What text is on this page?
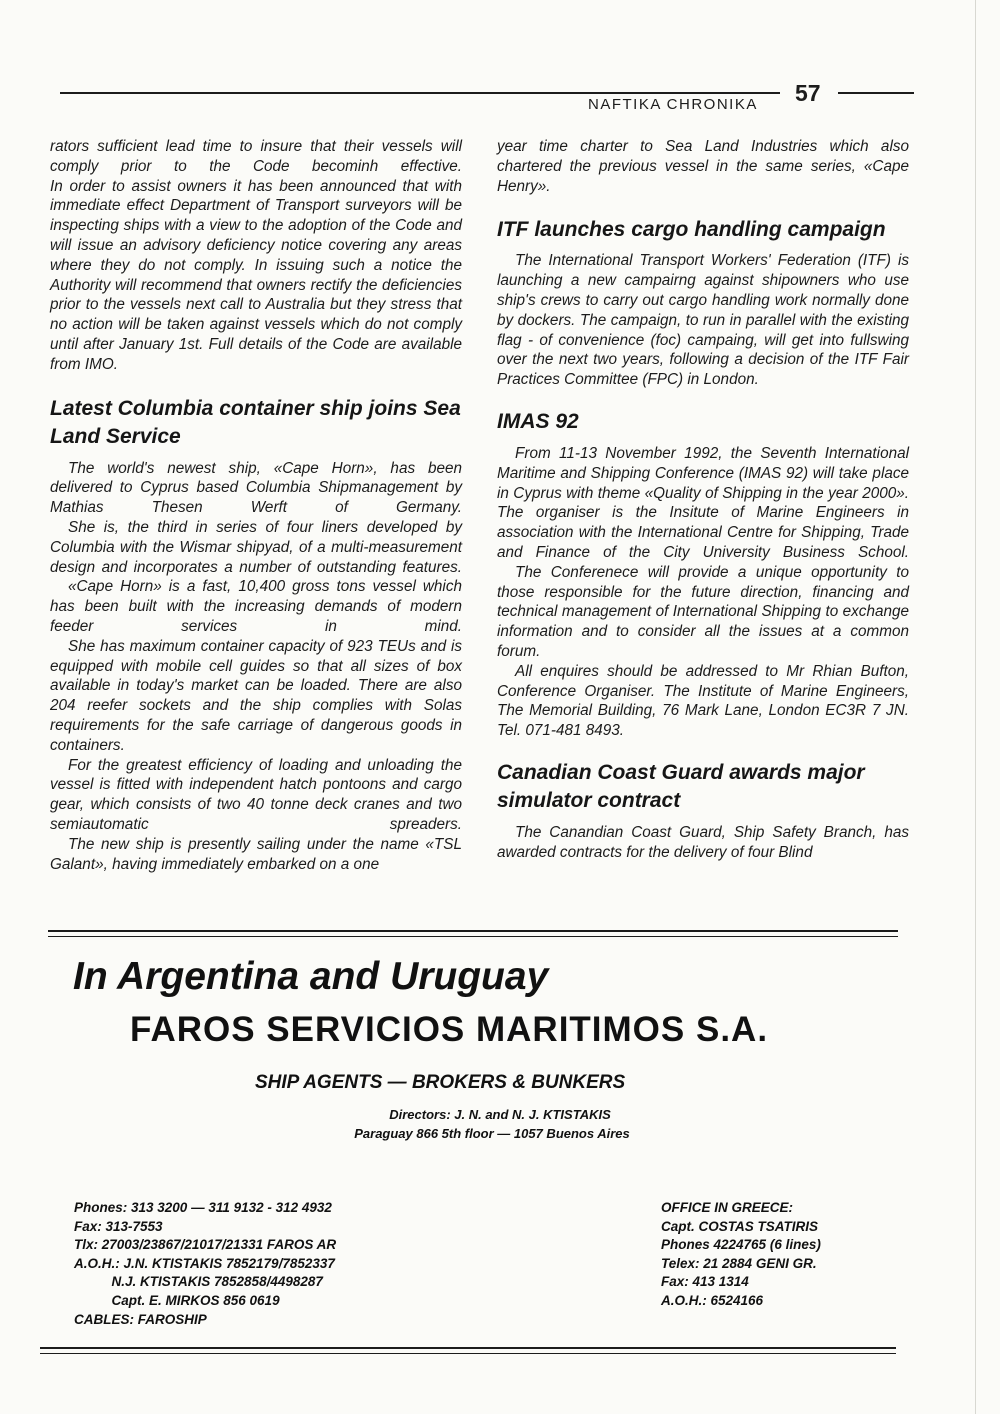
NAFTIKA CHRONIKA 57

rators sufficient lead time to insure that their vessels will comply prior to the Code becominh effective.

In order to assist owners it has been announced that with immediate effect Department of Transport surveyors will be inspecting ships with a view to the adoption of the Code and will issue an advisory deficiency notice covering any areas where they do not comply. In issuing such a notice the Authority will recommend that owners rectify the deficiencies prior to the vessels next call to Australia but they stress that no action will be taken against vessels which do not comply until after January 1st. Full details of the Code are available from IMO.

Latest Columbia container ship joins Sea Land Service

The world's newest ship, «Cape Horn», has been delivered to Cyprus based Columbia Shipmanagement by Mathias Thesen Werft of Germany.

She is, the third in series of four liners developed by Columbia with the Wismar shipyad, of a multi-measurement design and incorporates a number of outstanding features.

«Cape Horn» is a fast, 10,400 gross tons vessel which has been built with the increasing demands of modern feeder services in mind.

She has maximum container capacity of 923 TEUs and is equipped with mobile cell guides so that all sizes of box available in today's market can be loaded. There are also 204 reefer sockets and the ship complies with Solas requirements for the safe carriage of dangerous goods in containers.

For the greatest efficiency of loading and unloading the vessel is fitted with independent hatch pontoons and cargo gear, which consists of two 40 tonne deck cranes and two semiautomatic spreaders.

The new ship is presently sailing under the name «TSL Galant», having immediately embarked on a one

year time charter to Sea Land Industries which also chartered the previous vessel in the same series, «Cape Henry».

ITF launches cargo handling campaign

The International Transport Workers' Federation (ITF) is launching a new campairng against shipowners who use ship's crews to carry out cargo handling work normally done by dockers. The campaign, to run in parallel with the existing flag - of convenience (foc) campaing, will get into fullswing over the next two years, following a decision of the ITF Fair Practices Committee (FPC) in London.

IMAS 92

From 11-13 November 1992, the Seventh International Maritime and Shipping Conference (IMAS 92) will take place in Cyprus with theme «Quality of Shipping in the year 2000». The organiser is the Insitute of Marine Engineers in association with the International Centre for Shipping, Trade and Finance of the City University Business School.

The Conferenece will provide a unique opportunity to those responsible for the future direction, financing and technical management of International Shipping to exchange information and to consider all the issues at a common forum.

All enquires should be addressed to Mr Rhian Bufton, Conference Organiser. The Institute of Marine Engineers, The Memorial Building, 76 Mark Lane, London EC3R 7 JN. Tel. 071-481 8493.

Canadian Coast Guard awards major simulator contract

The Canandian Coast Guard, Ship Safety Branch, has awarded contracts for the delivery of four Blind

In Argentina and Uruguay
FAROS SERVICIOS MARITIMOS S.A.
SHIP AGENTS — BROKERS & BUNKERS
Directors: J. N. and N. J. KTISTAKIS
Paraguay 866 5th floor — 1057 Buenos Aires
Phones: 313 3200 — 311 9132 - 312 4932
Fax: 313-7553
Tlx: 27003/23867/21017/21331 FAROS AR
A.O.H.: J.N. KTISTAKIS 7852179/7852337
N.J. KTISTAKIS 7852858/4498287
Capt. E. MIRKOS 856 0619
CABLES: FAROSHIP
OFFICE IN GREECE:
Capt. COSTAS TSATIRIS
Phones 4224765 (6 lines)
Telex: 21 2884 GENI GR.
Fax: 413 1314
A.O.H.: 6524166
